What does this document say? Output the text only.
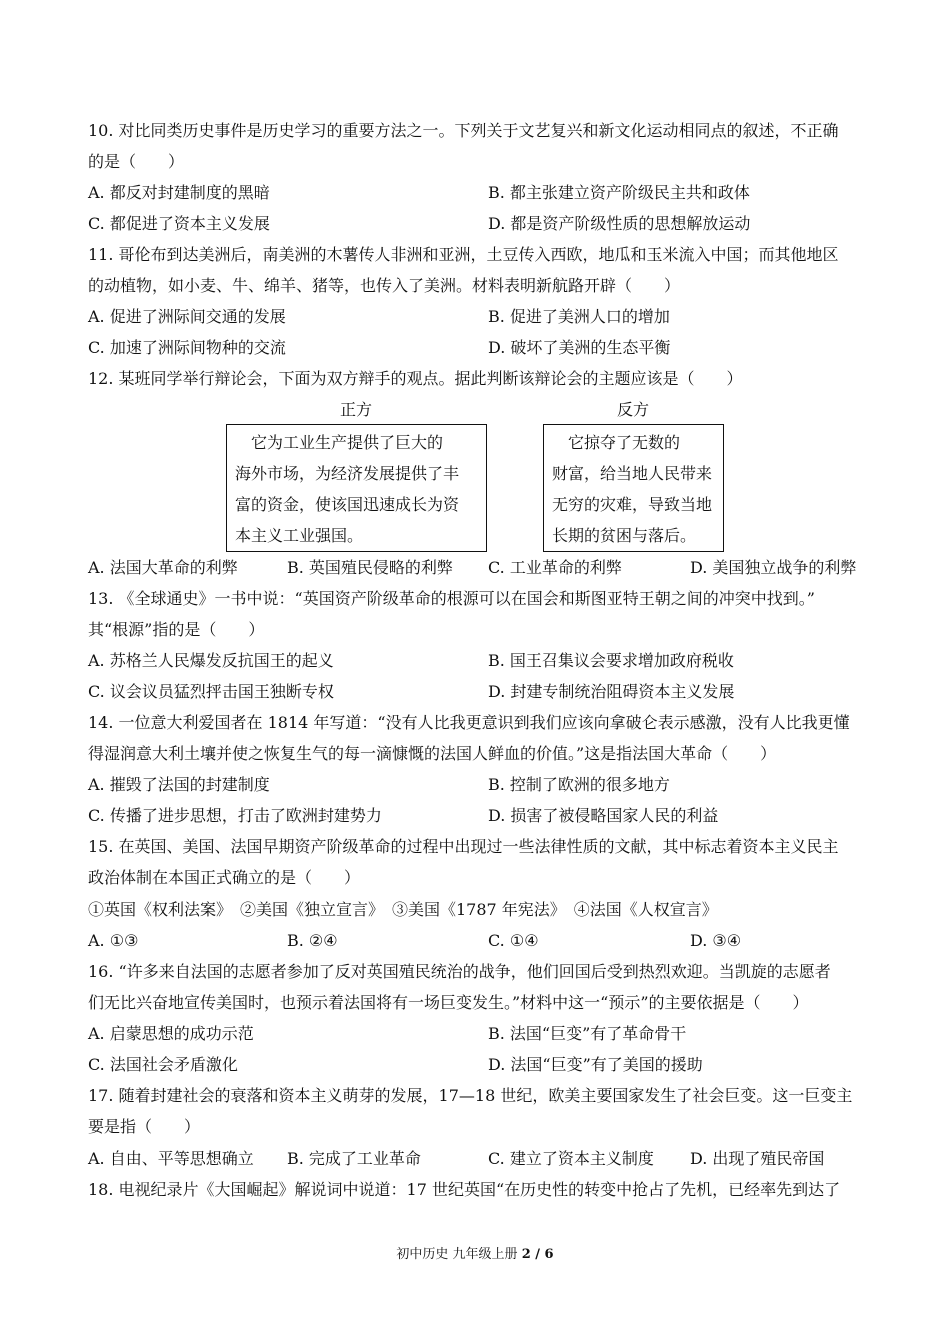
10. 对比同类历史事件是历史学习的重要方法之一。下列关于文艺复兴和新文化运动相同点的叙述，不正确
的是（　　）
A. 都反对封建制度的黑暗	B. 都主张建立资产阶级民主共和政体
C. 都促进了资本主义发展	D. 都是资产阶级性质的思想解放运动
11. 哥伦布到达美洲后，南美洲的木薯传人非洲和亚洲，土豆传入西欧，地瓜和玉米流入中国；而其他地区
的动植物，如小麦、牛、绵羊、猪等，也传入了美洲。材料表明新航路开辟（　　）
A. 促进了洲际间交通的发展	B. 促进了美洲人口的增加
C. 加速了洲际间物种的交流	D. 破坏了美洲的生态平衡
12. 某班同学举行辩论会，下面为双方辩手的观点。据此判断该辩论会的主题应该是（　　）
正方	反方
　它为工业生产提供了巨大的
海外市场，为经济发展提供了丰
富的资金，使该国迅速成长为资
本主义工业强国。
　它掠夺了无数的
财富，给当地人民带来
无穷的灾难，导致当地
长期的贫困与落后。
A. 法国大革命的利弊	B. 英国殖民侵略的利弊 C. 工业革命的利弊	D. 美国独立战争的利弊
13. 《全球通史》一书中说：“英国资产阶级革命的根源可以在国会和斯图亚特王朝之间的冲突中找到。”
其“根源”指的是（　　）
A. 苏格兰人民爆发反抗国王的起义	B. 国王召集议会要求增加政府税收
C. 议会议员猛烈抨击国王独断专权	D. 封建专制统治阻碍资本主义发展
14. 一位意大利爱国者在 1814 年写道：“没有人比我更意识到我们应该向拿破仑表示感激，没有人比我更懂
得湿润意大利土壤并使之恢复生气的每一滴慷慨的法国人鲜血的价值。”这是指法国大革命（　　）
A. 摧毁了法国的封建制度	B. 控制了欧洲的很多地方
C. 传播了进步思想，打击了欧洲封建势力	D. 损害了被侵略国家人民的利益
15. 在英国、美国、法国早期资产阶级革命的过程中出现过一些法律性质的文献，其中标志着资本主义民主
政治体制在本国正式确立的是（　　）
①英国《权利法案》　②美国《独立宣言》　③美国《1787 年宪法》　④法国《人权宣言》
A. ①③	B. ②④	C. ①④	D. ③④
16. “许多来自法国的志愿者参加了反对英国殖民统治的战争，他们回国后受到热烈欢迎。当凯旋的志愿者
们无比兴奋地宣传美国时，也预示着法国将有一场巨变发生。”材料中这一“预示”的主要依据是（　　）
A. 启蒙思想的成功示范	B. 法国“巨变”有了革命骨干
C. 法国社会矛盾激化	D. 法国“巨变”有了美国的援助
17. 随着封建社会的衰落和资本主义萌芽的发展，17—18 世纪，欧美主要国家发生了社会巨变。这一巨变主
要是指（　　）
A. 自由、平等思想确立 B. 完成了工业革命	C. 建立了资本主义制度 D. 出现了殖民帝国
18. 电视纪录片《大国崛起》解说词中说道：17 世纪英国“在历史性的转变中抢占了先机，已经率先到达了
初中历史 九年级上册 2 / 6
